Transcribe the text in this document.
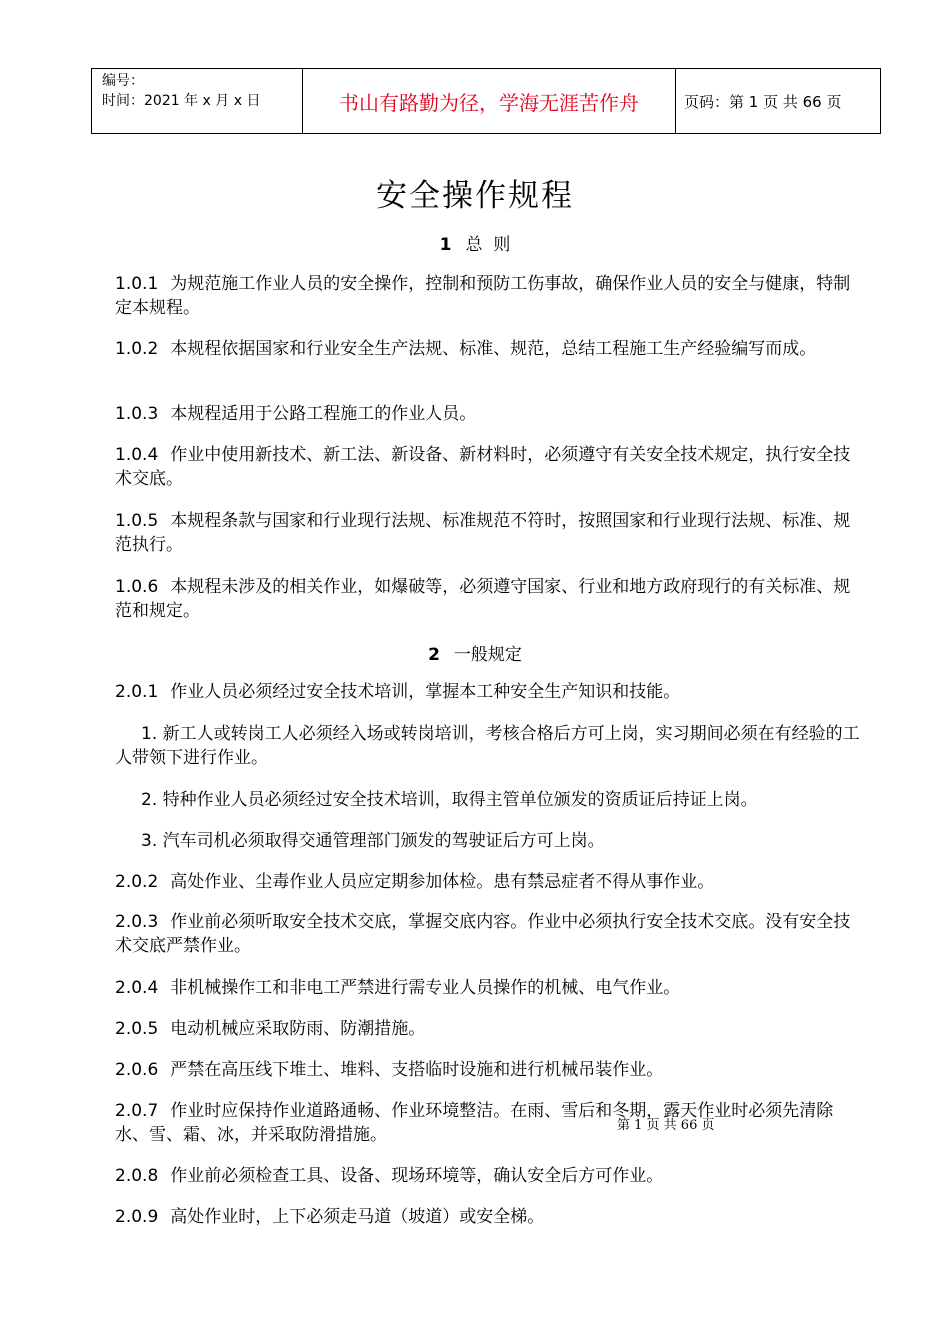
编号：
时间：2021 年 x 月 x 日	书山有路勤为径，学海无涯苦作舟	页码：第 1 页 共 66 页
安全操作规程
1 总  则
1.0.1 为规范施工作业人员的安全操作，控制和预防工伤事故，确保作业人员的安全与健康，特制定本规程。
1.0.2 本规程依据国家和行业安全生产法规、标准、规范，总结工程施工生产经验编写而成。
1.0.3 本规程适用于公路工程施工的作业人员。
1.0.4 作业中使用新技术、新工法、新设备、新材料时，必须遵守有关安全技术规定，执行安全技术交底。
1.0.5 本规程条款与国家和行业现行法规、标准规范不符时，按照国家和行业现行法规、标准、规范执行。
1.0.6 本规程未涉及的相关作业，如爆破等，必须遵守国家、行业和地方政府现行的有关标准、规范和规定。
2 一般规定
2.0.1 作业人员必须经过安全技术培训，掌握本工种安全生产知识和技能。
1. 新工人或转岗工人必须经入场或转岗培训，考核合格后方可上岗，实习期间必须在有经验的工人带领下进行作业。
2. 特种作业人员必须经过安全技术培训，取得主管单位颁发的资质证后持证上岗。
3. 汽车司机必须取得交通管理部门颁发的驾驶证后方可上岗。
2.0.2 高处作业、尘毒作业人员应定期参加体检。患有禁忌症者不得从事作业。
2.0.3 作业前必须听取安全技术交底，掌握交底内容。作业中必须执行安全技术交底。没有安全技术交底严禁作业。
2.0.4 非机械操作工和非电工严禁进行需专业人员操作的机械、电气作业。
2.0.5 电动机械应采取防雨、防潮措施。
2.0.6 严禁在高压线下堆土、堆料、支搭临时设施和进行机械吊装作业。
2.0.7 作业时应保持作业道路通畅、作业环境整洁。在雨、雪后和冬期，露天作业时必须先清除水、雪、霜、冰，并采取防滑措施。
2.0.8 作业前必须检查工具、设备、现场环境等，确认安全后方可作业。
2.0.9 高处作业时，上下必须走马道（坡道）或安全梯。
第 1 页 共 66 页
